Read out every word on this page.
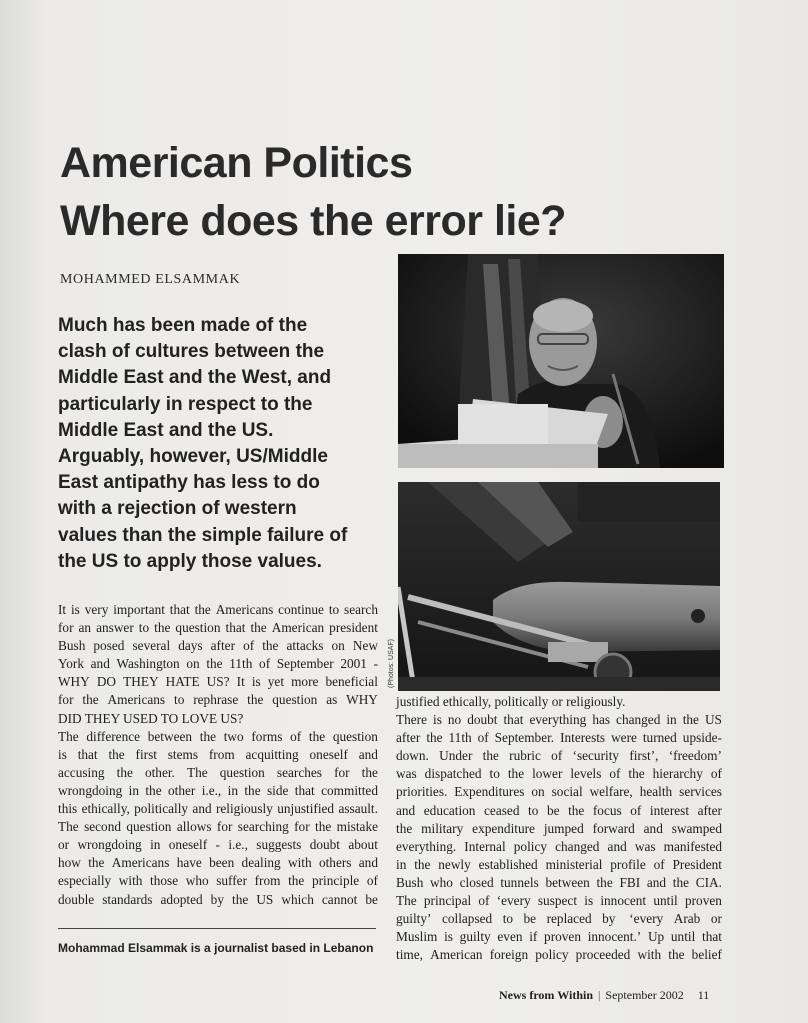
American Politics
Where does the error lie?
MOHAMMED ELSAMMAK
Much has been made of the
clash of cultures between the
Middle East and the West, and
particularly in respect to the
Middle East and the US.
Arguably, however, US/Middle
East antipathy has less to do
with a rejection of western
values than the simple failure of
the US to apply those values.
(Photos: USAF)
It is very important that the Americans continue to search
for an answer to the question that the American president
Bush posed several days after of the attacks on New
York and Washington on the 11th of September 2001 -
WHY DO THEY HATE US? It is yet more beneficial
for the Americans to rephrase the question as WHY
DID THEY USED TO LOVE US?
The difference between the two forms of the question
is that the first stems from acquitting oneself and
accusing the other. The question searches for the
wrongdoing in the other i.e., in the side that committed
this ethically, politically and religiously unjustified assault.
The second question allows for searching for the mistake
or wrongdoing in oneself - i.e., suggests doubt about
how the Americans have been dealing with others and
especially with those who suffer from the principle of
double standards adopted by the US which cannot be
justified ethically, politically or religiously.
There is no doubt that everything has changed in the US
after the 11th of September. Interests were turned upside-
down. Under the rubric of ‘security first’, ‘freedom’
was dispatched to the lower levels of the hierarchy of
priorities. Expenditures on social welfare, health services
and education ceased to be the focus of interest after
the military expenditure jumped forward and swamped
everything. Internal policy changed and was manifested
in the newly established ministerial profile of President
Bush who closed tunnels between the FBI and the CIA.
The principal of ‘every suspect is innocent until proven
guilty’ collapsed to be replaced by ‘every Arab or
Muslim is guilty even if proven innocent.’ Up until that
time, American foreign policy proceeded with the belief
Mohammad Elsammak is a journalist based in Lebanon
News from Within | September 2002 11
